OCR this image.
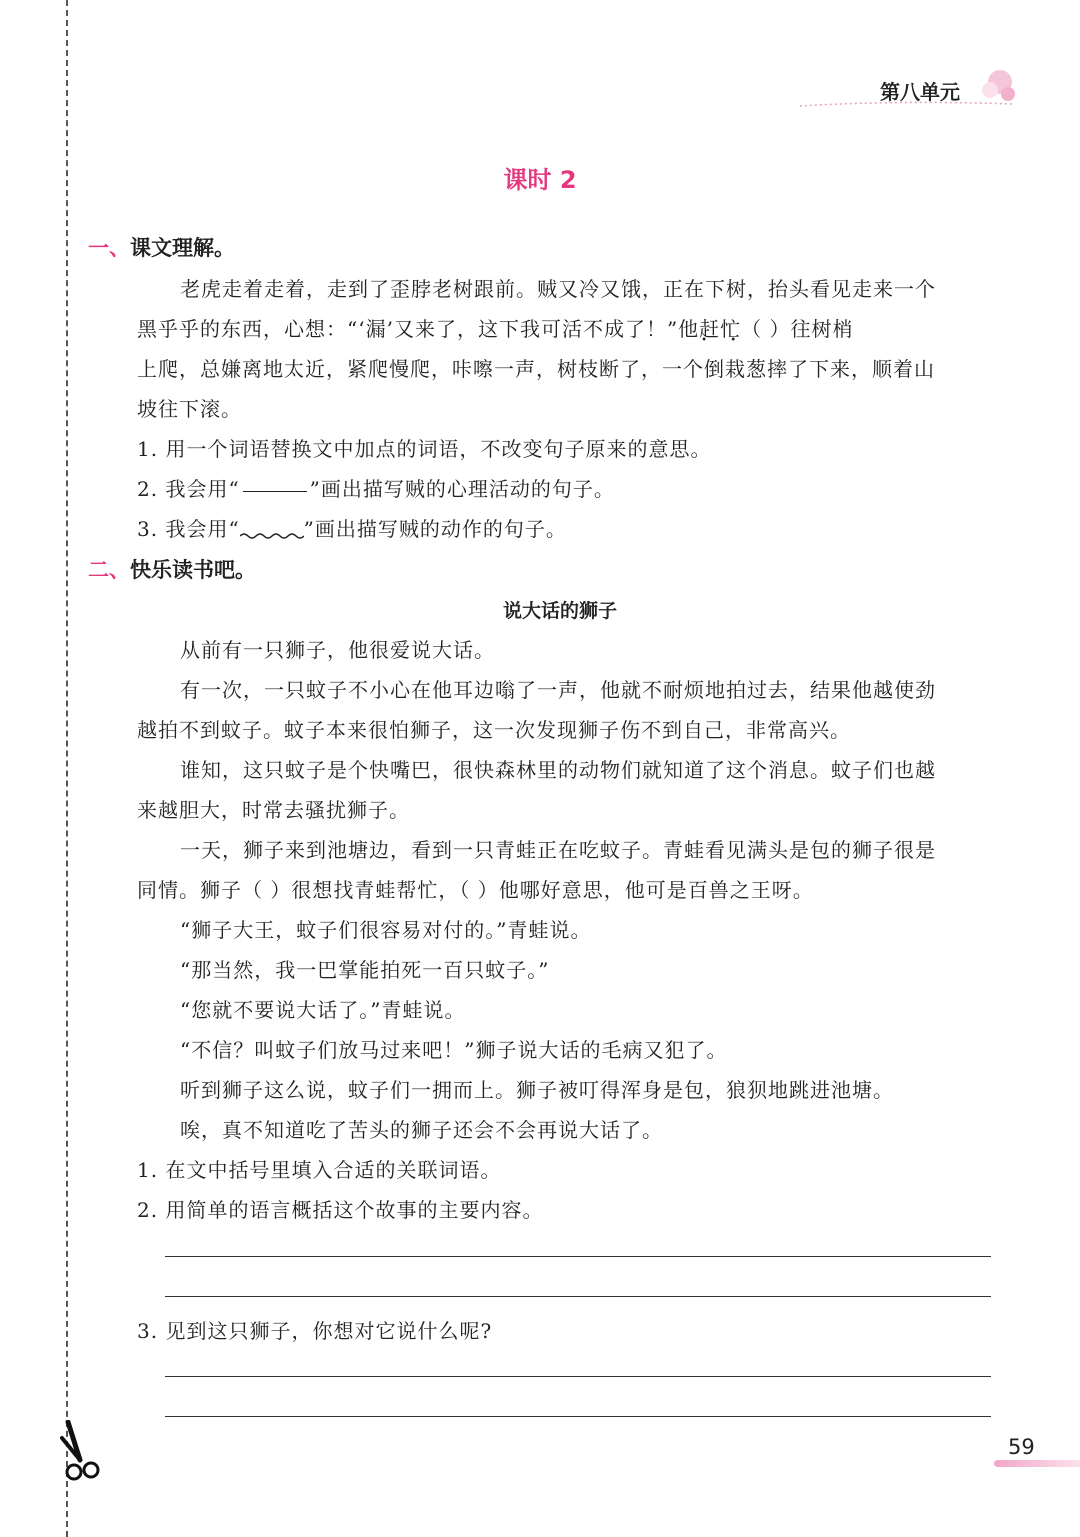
第八单元
课时 2
一、课文理解。
老虎走着走着，走到了歪脖老树跟前。贼又冷又饿，正在下树，抬头看见走来一个
黑乎乎的东西，心想：“‘漏’又来了，这下我可活不成了！”他赶忙 • •（ ）往树梢
上爬，总嫌离地太近，紧爬慢爬，咔嚓一声，树枝断了，一个倒栽葱摔了下来，顺着山
坡往下滚。
1. 用一个词语替换文中加点的词语，不改变句子原来的意思。
2. 我会用“	”画出描写贼的心理活动的句子。
3. 我会用“	”画出描写贼的动作的句子。
二、快乐读书吧。
说大话的狮子
从前有一只狮子，他很爱说大话。
有一次，一只蚊子不小心在他耳边嗡了一声，他就不耐烦地拍过去，结果他越使劲
越拍不到蚊子。蚊子本来很怕狮子，这一次发现狮子伤不到自己，非常高兴。
谁知，这只蚊子是个快嘴巴，很快森林里的动物们就知道了这个消息。蚊子们也越
来越胆大，时常去骚扰狮子。
一天，狮子来到池塘边，看到一只青蛙正在吃蚊子。青蛙看见满头是包的狮子很是
同情。狮子（ ）很想找青蛙帮忙，（ ）他哪好意思，他可是百兽之王呀。
“狮子大王，蚊子们很容易对付的。”青蛙说。
“那当然，我一巴掌能拍死一百只蚊子。”
“您就不要说大话了。”青蛙说。
“不信？叫蚊子们放马过来吧！”狮子说大话的毛病又犯了。
听到狮子这么说，蚊子们一拥而上。狮子被叮得浑身是包，狼狈地跳进池塘。
唉，真不知道吃了苦头的狮子还会不会再说大话了。
1. 在文中括号里填入合适的关联词语。
2. 用简单的语言概括这个故事的主要内容。
3. 见到这只狮子，你想对它说什么呢?
59
